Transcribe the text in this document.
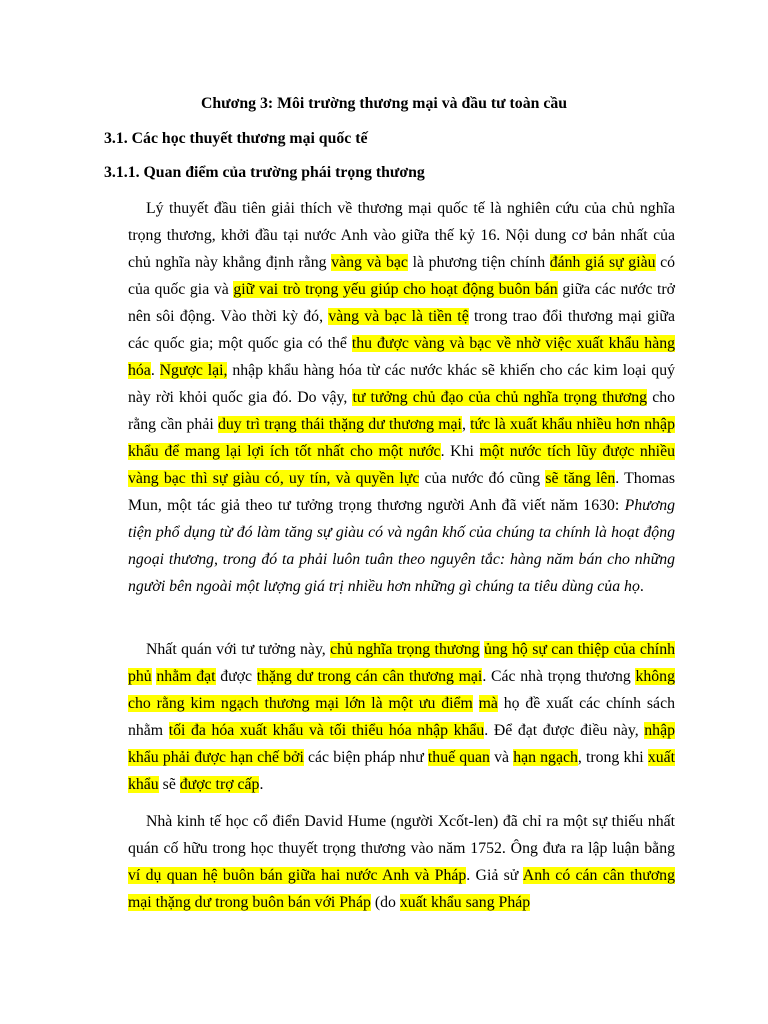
Chương 3: Môi trường thương mại và đầu tư toàn cầu

3.1. Các học thuyết thương mại quốc tế

3.1.1. Quan điểm của trường phái trọng thương

Lý thuyết đầu tiên giải thích về thương mại quốc tế là nghiên cứu của chủ nghĩa trọng thương, khởi đầu tại nước Anh vào giữa thế kỷ 16. Nội dung cơ bản nhất của chủ nghĩa này khẳng định rằng vàng và bạc là phương tiện chính đánh giá sự giàu có của quốc gia và giữ vai trò trọng yếu giúp cho hoạt động buôn bán giữa các nước trở nên sôi động. Vào thời kỳ đó, vàng và bạc là tiền tệ trong trao đổi thương mại giữa các quốc gia; một quốc gia có thể thu được vàng và bạc về nhờ việc xuất khẩu hàng hóa. Ngược lại, nhập khẩu hàng hóa từ các nước khác sẽ khiến cho các kim loại quý này rời khỏi quốc gia đó. Do vậy, tư tưởng chủ đạo của chủ nghĩa trọng thương cho rằng cần phải duy trì trạng thái thặng dư thương mại, tức là xuất khẩu nhiều hơn nhập khẩu để mang lại lợi ích tốt nhất cho một nước. Khi một nước tích lũy được nhiều vàng bạc thì sự giàu có, uy tín, và quyền lực của nước đó cũng sẽ tăng lên. Thomas Mun, một tác giả theo tư tưởng trọng thương người Anh đã viết năm 1630: Phương tiện phổ dụng từ đó làm tăng sự giàu có và ngân khố của chúng ta chính là hoạt động ngoại thương, trong đó ta phải luôn tuân theo nguyên tắc: hàng năm bán cho những người bên ngoài một lượng giá trị nhiều hơn những gì chúng ta tiêu dùng của họ.

Nhất quán với tư tưởng này, chủ nghĩa trọng thương ủng hộ sự can thiệp của chính phủ nhằm đạt được thặng dư trong cán cân thương mại. Các nhà trọng thương không cho rằng kim ngạch thương mại lớn là một ưu điểm mà họ đề xuất các chính sách nhằm tối đa hóa xuất khẩu và tối thiểu hóa nhập khẩu. Để đạt được điều này, nhập khẩu phải được hạn chế bởi các biện pháp như thuế quan và hạn ngạch, trong khi xuất khẩu sẽ được trợ cấp.

Nhà kinh tế học cổ điển David Hume (người Xcốt-len) đã chỉ ra một sự thiếu nhất quán cố hữu trong học thuyết trọng thương vào năm 1752. Ông đưa ra lập luận bằng ví dụ quan hệ buôn bán giữa hai nước Anh và Pháp. Giả sử Anh có cán cân thương mại thặng dư trong buôn bán với Pháp (do xuất khẩu sang Pháp
